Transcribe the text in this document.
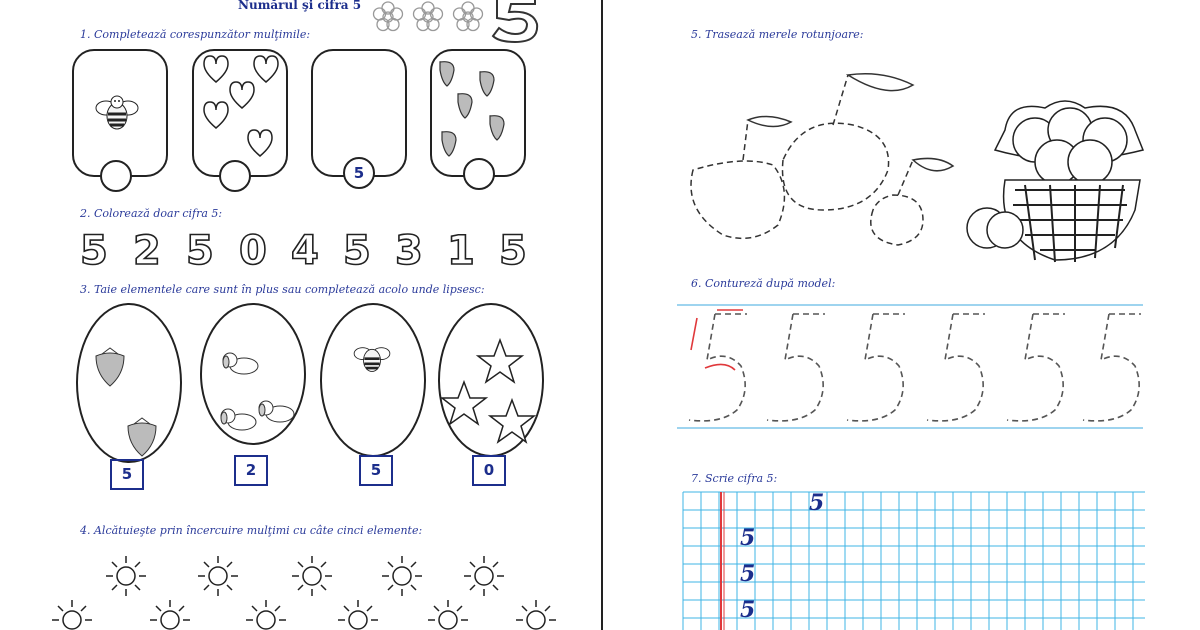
Numărul şi cifra 5
1. Completează corespunzător mulţimile:
5
2. Colorează doar cifra 5:
5 2 5 0 4 5 3 1 5
3. Taie elementele care sunt în plus sau completează acolo unde lipsesc:
5	2	5	0
4. Alcătuieşte prin încercuire mulţimi cu câte cinci elemente:
5. Trasează merele rotunjoare:
6. Contureză după model:
7. Scrie cifra 5:
5
5
5
5
